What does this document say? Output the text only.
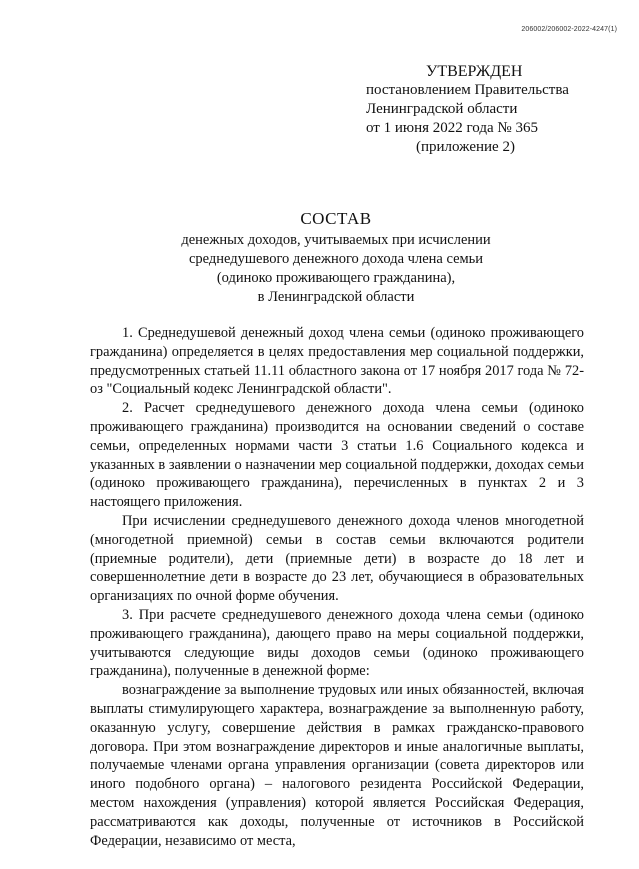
206002/206002-2022-4247(1)
УТВЕРЖДЕН
постановлением Правительства
Ленинградской области
от 1 июня 2022 года № 365
(приложение 2)
СОСТАВ
денежных доходов, учитываемых при исчислении
среднедушевого денежного дохода члена семьи
(одиноко проживающего гражданина),
в Ленинградской области

1. Среднедушевой денежный доход члена семьи (одиноко проживающего гражданина) определяется в целях предоставления мер социальной поддержки, предусмотренных статьей 11.11 областного закона от 17 ноября 2017 года № 72-оз "Социальный кодекс Ленинградской области".

2. Расчет среднедушевого денежного дохода члена семьи (одиноко проживающего гражданина) производится на основании сведений о составе семьи, определенных нормами части 3 статьи 1.6 Социального кодекса и указанных в заявлении о назначении мер социальной поддержки, доходах семьи (одиноко проживающего гражданина), перечисленных в пунктах 2 и 3 настоящего приложения.

При исчислении среднедушевого денежного дохода членов многодетной (многодетной приемной) семьи в состав семьи включаются родители (приемные родители), дети (приемные дети) в возрасте до 18 лет и совершеннолетние дети в возрасте до 23 лет, обучающиеся в образовательных организациях по очной форме обучения.

3. При расчете среднедушевого денежного дохода члена семьи (одиноко проживающего гражданина), дающего право на меры социальной поддержки, учитываются следующие виды доходов семьи (одиноко проживающего гражданина), полученные в денежной форме:

вознаграждение за выполнение трудовых или иных обязанностей, включая выплаты стимулирующего характера, вознаграждение за выполненную работу, оказанную услугу, совершение действия в рамках гражданско-правового договора. При этом вознаграждение директоров и иные аналогичные выплаты, получаемые членами органа управления организации (совета директоров или иного подобного органа) – налогового резидента Российской Федерации, местом нахождения (управления) которой является Российская Федерация, рассматриваются как доходы, полученные от источников в Российской Федерации, независимо от места,
